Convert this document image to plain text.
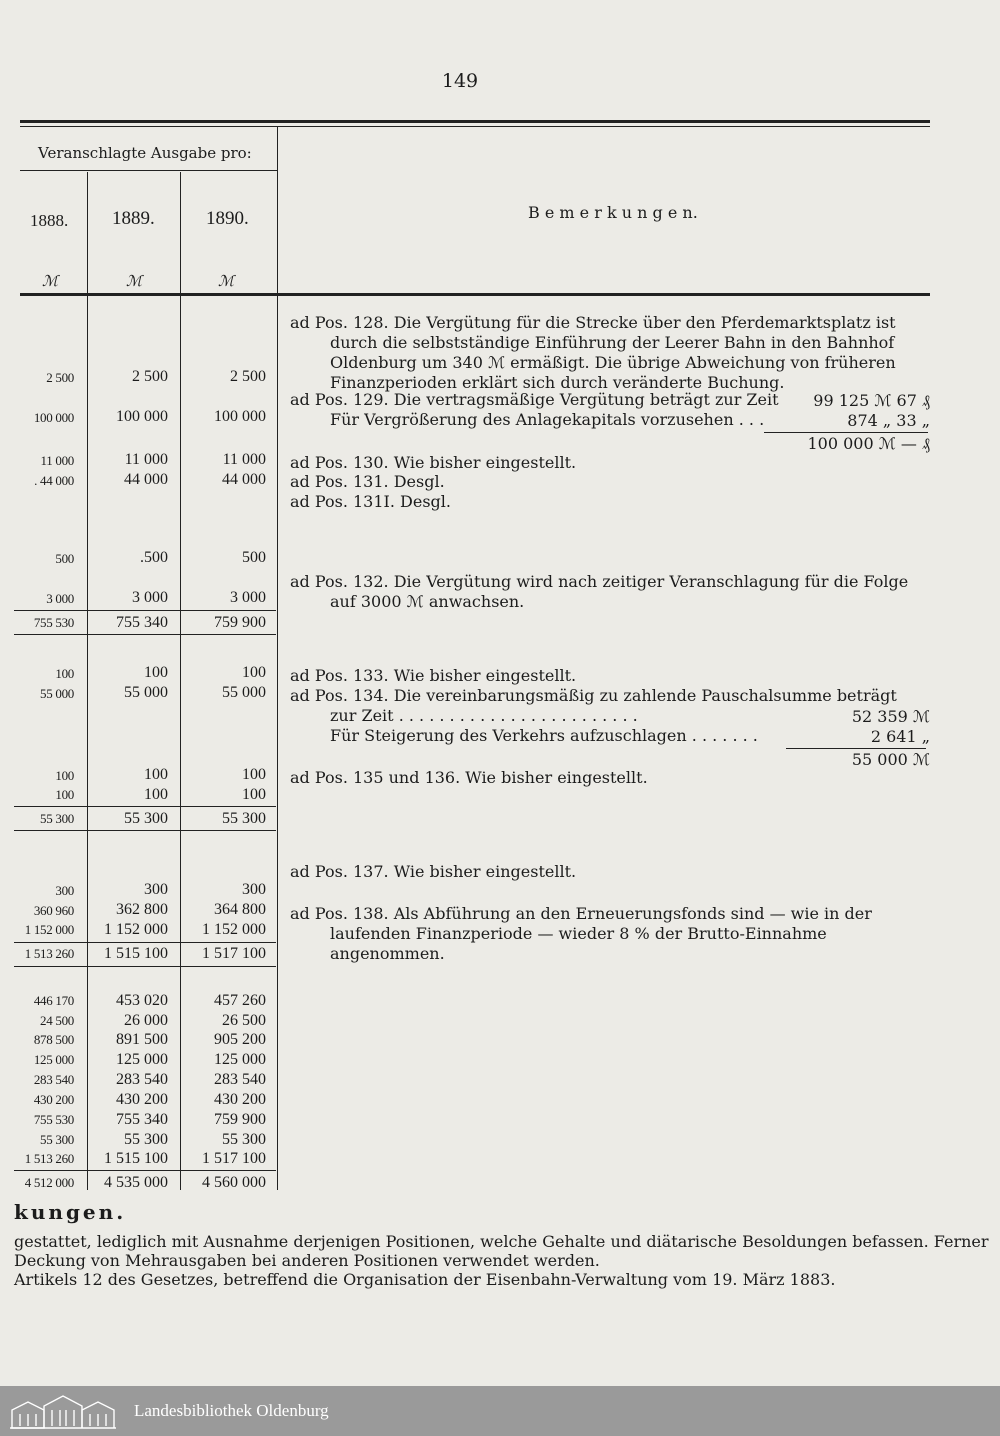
149
Veranschlagte Ausgabe pro:
1888. 1889.	1890.
ℳ	ℳ	ℳ
B e m e r k u n g e n.
2 500	2 500	2 500
100 000	100 000	100 000
11 000	11 000	11 000
. 44 000	44 000	44 000
500	.500	500
3 000	3 000	3 000
755 530	755 340	759 900
100	100	100
55 000	55 000	55 000
100	100	100
100	100	100
55 300	55 300	55 300
300	300	300
360 960	362 800	364 800
1 152 000	1 152 000	1 152 000
1 513 260	1 515 100	1 517 100
446 170	453 020	457 260
24 500	26 000	26 500
878 500	891 500	905 200
125 000	125 000	125 000
283 540	283 540	283 540
430 200	430 200	430 200
755 530	755 340	759 900
55 300	55 300	55 300
1 513 260	1 515 100	1 517 100
4 512 000	4 535 000	4 560 000
ad Pos. 128. Die Vergütung für die Strecke über den Pferdemarktsplatz ist
durch die selbstständige Einführung der Leerer Bahn in den Bahnhof
Oldenburg um 340 ℳ ermäßigt. Die übrige Abweichung von früheren
Finanzperioden erklärt sich durch veränderte Buchung.
ad Pos. 129. Die vertragsmäßige Vergütung beträgt zur Zeit	99 125 ℳ 67 ₰
Für Vergrößerung des Anlagekapitals vorzusehen . . .	874 „ 33 „
100 000 ℳ — ₰
ad Pos. 130. Wie bisher eingestellt.
ad Pos. 131. Desgl.
ad Pos. 131I. Desgl.
ad Pos. 132. Die Vergütung wird nach zeitiger Veranschlagung für die Folge
auf 3000 ℳ anwachsen.
ad Pos. 133. Wie bisher eingestellt.
ad Pos. 134. Die vereinbarungsmäßig zu zahlende Pauschalsumme beträgt
zur Zeit . . . . . . . . . . . . . . . . . . . . . . . .	52 359 ℳ
Für Steigerung des Verkehrs aufzuschlagen . . . . . . .	2 641 „
55 000 ℳ
ad Pos. 135 und 136. Wie bisher eingestellt.
ad Pos. 137. Wie bisher eingestellt.
ad Pos. 138. Als Abführung an den Erneuerungsfonds sind — wie in der
laufenden Finanzperiode — wieder 8 % der Brutto-Einnahme angenommen.
kungen.
gestattet, lediglich mit Ausnahme derjenigen Positionen, welche Gehalte und diätarische Besoldungen befassen. Ferner
Deckung von Mehrausgaben bei anderen Positionen verwendet werden.
Artikels 12 des Gesetzes, betreffend die Organisation der Eisenbahn-Verwaltung vom 19. März 1883.
Landesbibliothek Oldenburg
